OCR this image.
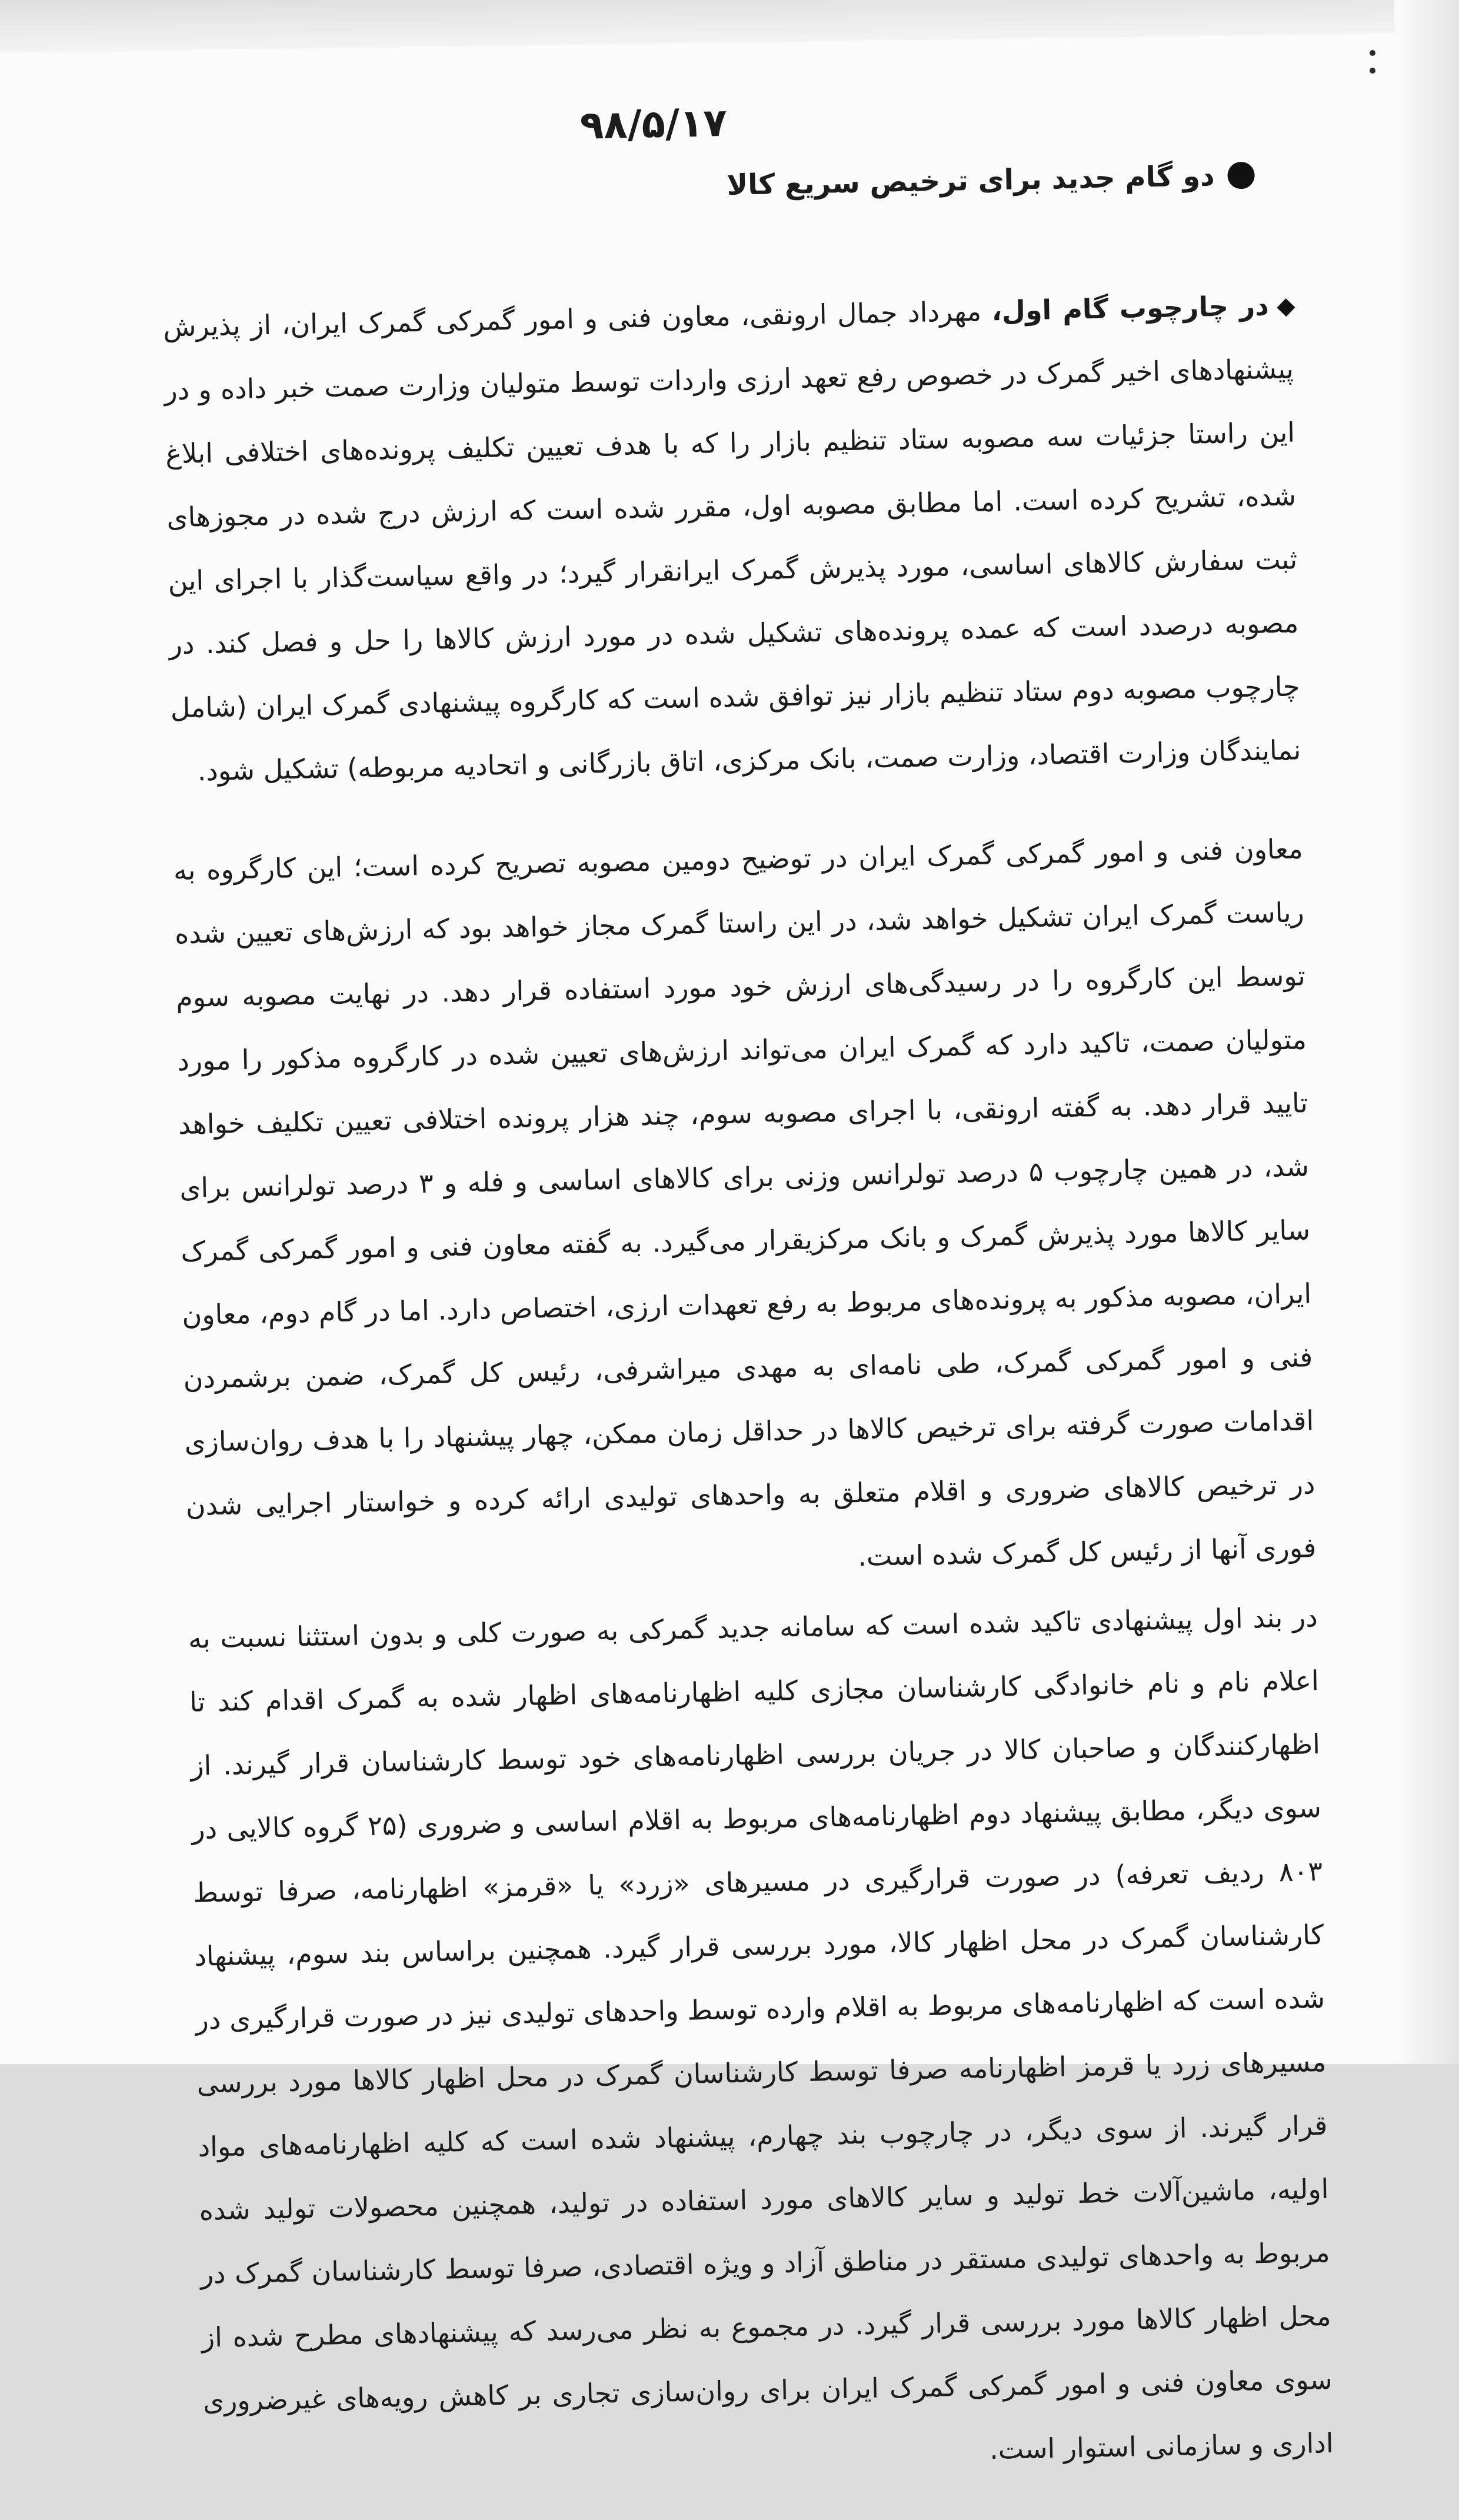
۹۸/۵/۱۷
دو گام جدید برای ترخیص سریع کالا

در چارچوب گام اول، مهرداد جمال ارونقی، معاون فنی و امور گمرکی گمرک ایران، از پذیرش پیشنهادهای اخیر گمرک در خصوص رفع تعهد ارزی واردات توسط متولیان وزارت صمت خبر داده و در این راستا جزئیات سه مصوبه ستاد تنظیم بازار را که با هدف تعیین تکلیف پرونده‌های اختلافی ابلاغ شده، تشریح کرده است. اما مطابق مصوبه اول، مقرر شده است که ارزش درج شده در مجوزهای ثبت سفارش کالاهای اساسی، مورد پذیرش گمرک ایرانقرار گیرد؛ در واقع سیاست‌گذار با اجرای این مصوبه درصدد است که عمده پرونده‌های تشکیل شده در مورد ارزش کالاها را حل و فصل کند. در چارچوب مصوبه دوم ستاد تنظیم بازار نیز توافق شده است که کارگروه پیشنهادی گمرک ایران (شامل نمایندگان وزارت اقتصاد، وزارت صمت، بانک مرکزی، اتاق بازرگانی و اتحادیه مربوطه) تشکیل شود.

معاون فنی و امور گمرکی گمرک ایران در توضیح دومین مصوبه تصریح کرده است؛ این کارگروه به ریاست گمرک ایران تشکیل خواهد شد، در این راستا گمرک مجاز خواهد بود که ارزش‌های تعیین شده توسط این کارگروه را در رسیدگی‌های ارزش خود مورد استفاده قرار دهد. در نهایت مصوبه سوم متولیان صمت، تاکید دارد که گمرک ایران می‌تواند ارزش‌های تعیین شده در کارگروه مذکور را مورد تایید قرار دهد. به گفته ارونقی، با اجرای مصوبه سوم، چند هزار پرونده اختلافی تعیین تکلیف خواهد شد، در همین چارچوب ۵ درصد تولرانس وزنی برای کالاهای اساسی و فله و ۳ درصد تولرانس برای سایر کالاها مورد پذیرش گمرک و بانک مرکزیقرار می‌گیرد. به گفته معاون فنی و امور گمرکی گمرک ایران، مصوبه مذکور به پرونده‌های مربوط به رفع تعهدات ارزی، اختصاص دارد. اما در گام دوم، معاون فنی و امور گمرکی گمرک، طی نامه‌ای به مهدی میراشرفی، رئیس کل گمرک، ضمن برشمردن اقدامات صورت گرفته برای ترخیص کالاها در حداقل زمان ممکن، چهار پیشنهاد را با هدف روان‌سازی در ترخیص کالاهای ضروری و اقلام متعلق به واحدهای تولیدی ارائه کرده و خواستار اجرایی شدن فوری آنها از رئیس کل گمرک شده است.

در بند اول پیشنهادی تاکید شده است که سامانه جدید گمرکی به صورت کلی و بدون استثنا نسبت به اعلام نام و نام خانوادگی کارشناسان مجازی کلیه اظهارنامه‌های اظهار شده به گمرک اقدام کند تا اظهارکنندگان و صاحبان کالا در جریان بررسی اظهارنامه‌های خود توسط کارشناسان قرار گیرند. از سوی دیگر، مطابق پیشنهاد دوم اظهارنامه‌های مربوط به اقلام اساسی و ضروری (۲۵ گروه کالایی در ۸۰۳ ردیف تعرفه) در صورت قرارگیری در مسیرهای «زرد» یا «قرمز» اظهارنامه، صرفا توسط کارشناسان گمرک در محل اظهار کالا، مورد بررسی قرار گیرد. همچنین براساس بند سوم، پیشنهاد شده است که اظهارنامه‌های مربوط به اقلام وارده توسط واحدهای تولیدی نیز در صورت قرارگیری در مسیرهای زرد یا قرمز اظهارنامه صرفا توسط کارشناسان گمرک در محل اظهار کالاها مورد بررسی قرار گیرند. از سوی دیگر، در چارچوب بند چهارم، پیشنهاد شده است که کلیه اظهارنامه‌های مواد اولیه، ماشین‌آلات خط تولید و سایر کالاهای مورد استفاده در تولید، همچنین محصولات تولید شده مربوط به واحدهای تولیدی مستقر در مناطق آزاد و ویژه اقتصادی، صرفا توسط کارشناسان گمرک در محل اظهار کالاها مورد بررسی قرار گیرد. در مجموع به نظر می‌رسد که پیشنهادهای مطرح شده از سوی معاون فنی و امور گمرکی گمرک ایران برای روان‌سازی تجاری بر کاهش رویه‌های غیرضروری اداری و سازمانی استوار است.
